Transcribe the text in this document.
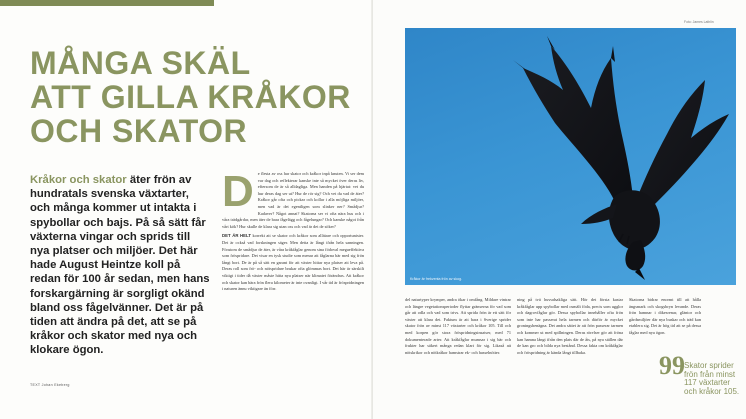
MÅNGA SKÄL
ATT GILLA KRÅKOR
OCH SKATOR
Kråkor och skator äter frön av hundratals svenska växtarter, och många kommer ut intakta i spybollar och bajs. På så sätt får växterna vingar och sprids till nya platser och miljöer. Det här hade August Heintze koll på redan för 100 år sedan, men hans forskargärning är sorgligt okänd bland oss fågelvänner. Det är på tiden att ändra på det, att se på kråkor och skator med nya och klokare ögon.
TEXT Johan Ekeberg
D e flesta av oss har skator och kråkor inpå knuten. Vi ser dem var dag och reflekterar kanske inte så mycket över deras liv, eftersom de är så alldagliga. Men handen på hjärtat: vet du hur deras dag ser ut? Hur de rör sig? Och vet du vad de äter? Kråkor går ofta och pickar och kollar i alla möjliga miljöer, men vad är det egentligen som slinker ner? Smådjur? Kadaver? Något annat? Skatorna ser vi ofta nära hus och i våra trädgårdar, men äter de bara fågelägg och fågelungar? Och kanske något från vårt kök? Hur skulle de klara sig utan oss och vad är det de söker?

DET ÄR HELT korrekt att se skator och kråkor som allätare och opportunister. Det är också vad forskningen säger. Men detta är långt ifrån hela sanningen. Förutom de smådjur de äter, är våra kråkfåglar genom sina födoval megaeffektiva som fröspridare. Det visar en tysk studie som menar att fåglarna bär med sig frön långt bort. De är på så sätt en garant för att växter hittar nya platser att leva på. Deras roll som frö- och nötspridare brukar ofta glömmas bort. Det här är särskilt viktigt i tider då växter måste hitta nya platser när klimatet förändras. Att kråkor och skator kan bära frön flera kilometer är inte ovanligt. I vår tid är fröspridningen i naturen ännu viktigare än förr.

Foto: James Lathlin
Kråkor är frekventa frön av skog.
del naturtyper krymper, andra ökar i omfång. Mildare vintrar och längre vegetationsperioder flyttar gränserna för vad som går att odla och vad som trivs. Att sprida frön är ett sätt för växter att klara det. Faktum är att bara i Sverige sprider skator frön av minst 117 växtarter och kråkor 105. Till och med korpen gör stora fröspridningsinsatser, med 71 dokumenterade arter. Att kråkfåglar mumsar i sig bär och frukter har säkert många redan klart för sig. Likaså att nötskrikor och nötkråkor hamstrar ek- och hasselnötter.
ning på tvä huvudsakliga sätt. Hör det första kastar kråkfåglar upp spybollar med osmält föda, precis som ugglor och dagrovfåglar gör. Dessa spybollar innehåller ofta frön som inte har passerat hela tarmen och därför är mycket groningsbenägna. Det andra sättet är att frön passerar tarmen och kommer ut med spillningen. Deras rörelser gör att fröna kan hamna långt ifrån den plats där de åts, på nya ställen där de kan gro och bilda nya bestånd. Dessa fakta om kråkfåglar och fröspridning är kända långt tillbaka.
Skatorna bidrar enormt till att hålla ängsmark och skogsbryn levande. Deras frön hamnar i dikesrenar, gläntor och gårdsmiljöer där nya buskar och träd kan etablera sig. Det är hög tid att se på dessa fåglar med nya ögon.
99 Skator sprider frön från minst 117 växtarter och kråkor 105.
